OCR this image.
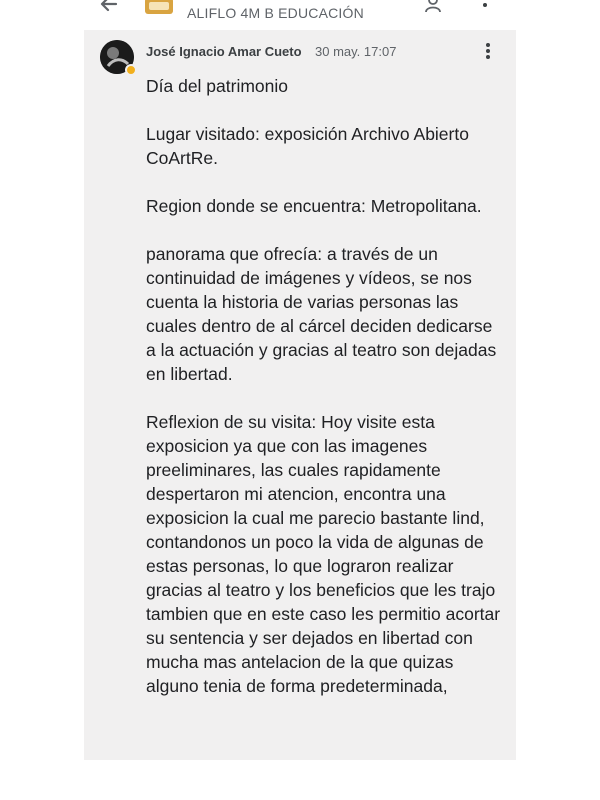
ALIFLO 4M B EDUCACIÓN
José Ignacio Amar Cueto 30 may. 17:07

Día del patrimonio

Lugar visitado: exposición Archivo Abierto CoArtRe.

Region donde se encuentra: Metropolitana.

panorama que ofrecía: a través de un continuidad de imágenes y vídeos, se nos cuenta la historia de varias personas las cuales dentro de al cárcel deciden dedicarse a la actuación y gracias al teatro son dejadas en libertad.

Reflexion de su visita: Hoy visite esta exposicion ya que con las imagenes preeliminares, las cuales rapidamente despertaron mi atencion, encontra una exposicion la cual me parecio bastante lind, contandonos un poco la vida de algunas de estas personas, lo que lograron realizar gracias al teatro y los beneficios que les trajo tambien que en este caso les permitio acortar su sentencia y ser dejados en libertad con mucha mas antelacion de la que quizas alguno tenia de forma predeterminada,
